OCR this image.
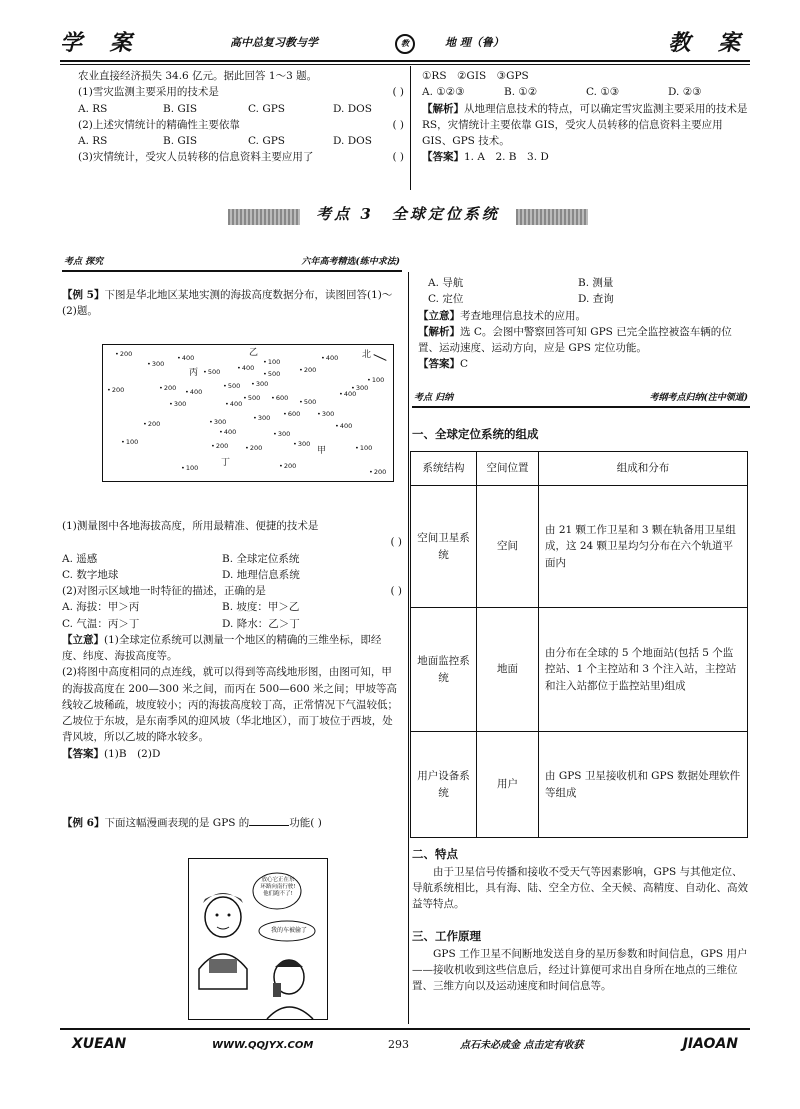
学 案	高中总复习教与学	教	地 理（鲁）	教 案
农业直接经济损失 34.6 亿元。据此回答 1～3 题。
(1)雪灾监测主要采用的技术是	( )
A. RS	B. GIS	C. GPS	D. DOS
(2)上述灾情统计的精确性主要依靠	( )
A. RS	B. GIS	C. GPS	D. DOS
(3)灾情统计，受灾人员转移的信息资料主要应用了	( )
①RS　②GIS　③GPS
A. ①②③	B. ①②	C. ①③	D. ②③
【解析】从地理信息技术的特点，可以确定雪灾监测主要采用的技术是 RS，灾情统计主要依靠 GIS，受灾人员转移的信息资料主要应用 GIS、GPS 技术。
【答案】1. A　2. B　3. D
考点 3　全球定位系统
考点 探究	六年高考精选(练中求法)
【例 5】下图是华北地区某地实测的海拔高度数据分布，读图回答(1)～(2)题。
北
• 200
• 300
• 400	• 100
• 500
• 200
• 400
• 500	• 200
• 400
• 300
• 400
• 500	• 600	• 500
• 400
• 300
• 100
• 300	• 400
• 600
• 400
• 200
• 100
• 300
• 300
• 300
• 300
• 400
• 200
• 100
• 200	• 100
• 200
• 200
• 300
• 200
• 500
乙
丙
甲
丁
(1)测量图中各地海拔高度，所用最精准、便捷的技术是
( )
A. 遥感	B. 全球定位系统
C. 数字地球	D. 地理信息系统
(2)对图示区域地一时特征的描述，正确的是	( )
A. 海拔：甲＞丙	B. 坡度：甲＞乙
C. 气温：丙＞丁	D. 降水：乙＞丁
【立意】(1)全球定位系统可以测量一个地区的精确的三维坐标，即经度、纬度、海拔高度等。
(2)将图中高度相同的点连线，就可以得到等高线地形图，由图可知，甲的海拔高度在 200—300 米之间，而丙在 500—600 米之间；甲坡等高线较乙坡稀疏，坡度较小；丙的海拔高度较丁高，正常情况下气温较低；乙坡位于东坡，是东南季风的迎风坡（华北地区），而丁坡位于西坡，处背风坡，所以乙坡的降水较多。
【答案】(1)B　(2)D
【例 6】下面这幅漫画表现的是 GPS 的	功能( )
放心它正在东环路向南行驶! 他们跑不了!
我的车被偷了
A. 导航	B. 测量
C. 定位	D. 查询
【立意】考查地理信息技术的应用。
【解析】选 C。会图中警察回答可知 GPS 已完全监控被盗车辆的位置、运动速度、运动方向，应是 GPS 定位功能。
【答案】C
考点 归纳	考纲考点归纳(注中领道)
一、全球定位系统的组成
系统结构	空间位置	组成和分布
空间卫星系统	空间	由 21 颗工作卫星和 3 颗在轨备用卫星组成，这 24 颗卫星均匀分布在六个轨道平面内
地面监控系统	地面	由分布在全球的 5 个地面站(包括 5 个监控站、1 个主控站和 3 个注入站，主控站和注入站都位于监控站里)组成
用户设备系统	用户	由 GPS 卫星接收机和 GPS 数据处理软件等组成
二、特点
由于卫星信号传播和接收不受天气等因素影响，GPS 与其他定位、导航系统相比，具有海、陆、空全方位、全天候、高精度、自动化、高效益等特点。
三、工作原理
GPS 工作卫星不间断地发送自身的星历参数和时间信息，GPS 用户——接收机收到这些信息后，经过计算便可求出自身所在地点的三维位置、三维方向以及运动速度和时间信息等。
XUEAN	WWW.QQJYX.COM	293	点石未必成金 点击定有收获	JIAOAN
